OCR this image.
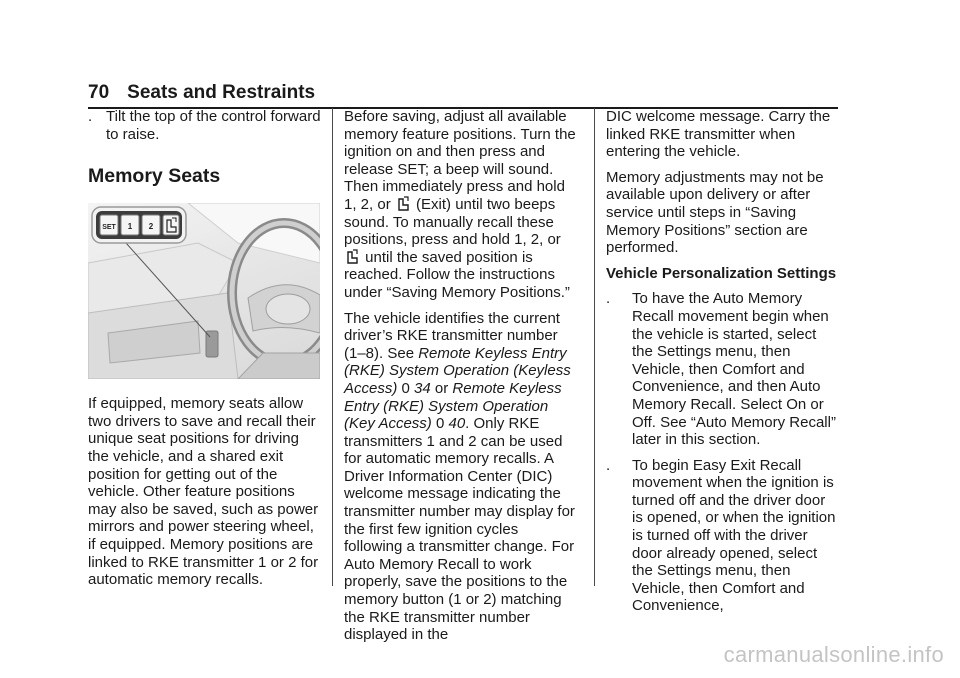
70 Seats and Restraints
. Tilt the top of the control forward to raise.
Memory Seats
SET 1 2

If equipped, memory seats allow two drivers to save and recall their unique seat positions for driving the vehicle, and a shared exit position for getting out of the vehicle. Other feature positions may also be saved, such as power mirrors and power steering wheel, if equipped. Memory positions are linked to RKE transmitter 1 or 2 for automatic memory recalls.

Before saving, adjust all available memory feature positions. Turn the ignition on and then press and release SET; a beep will sound. Then immediately press and hold 1, 2, or (Exit) until two beeps sound. To manually recall these positions, press and hold 1, 2, or  until the saved position is reached. Follow the instructions under “Saving Memory Positions.”

The vehicle identifies the current driver’s RKE transmitter number (1–8). See Remote Keyless Entry (RKE) System Operation (Keyless Access) 0 34 or Remote Keyless Entry (RKE) System Operation (Key Access) 0 40. Only RKE transmitters 1 and 2 can be used for automatic memory recalls. A Driver Information Center (DIC) welcome message indicating the transmitter number may display for the first few ignition cycles following a transmitter change. For Auto Memory Recall to work properly, save the positions to the memory button (1 or 2) matching the RKE transmitter number displayed in the

DIC welcome message. Carry the linked RKE transmitter when entering the vehicle.

Memory adjustments may not be available upon delivery or after service until steps in “Saving Memory Positions” section are performed.

Vehicle Personalization Settings
. To have the Auto Memory Recall movement begin when the vehicle is started, select the Settings menu, then Vehicle, then Comfort and Convenience, and then Auto Memory Recall. Select On or Off. See “Auto Memory Recall” later in this section.
. To begin Easy Exit Recall movement when the ignition is turned off and the driver door is opened, or when the ignition is turned off with the driver door already opened, select the Settings menu, then Vehicle, then Comfort and Convenience,
carmanualsonline.info
